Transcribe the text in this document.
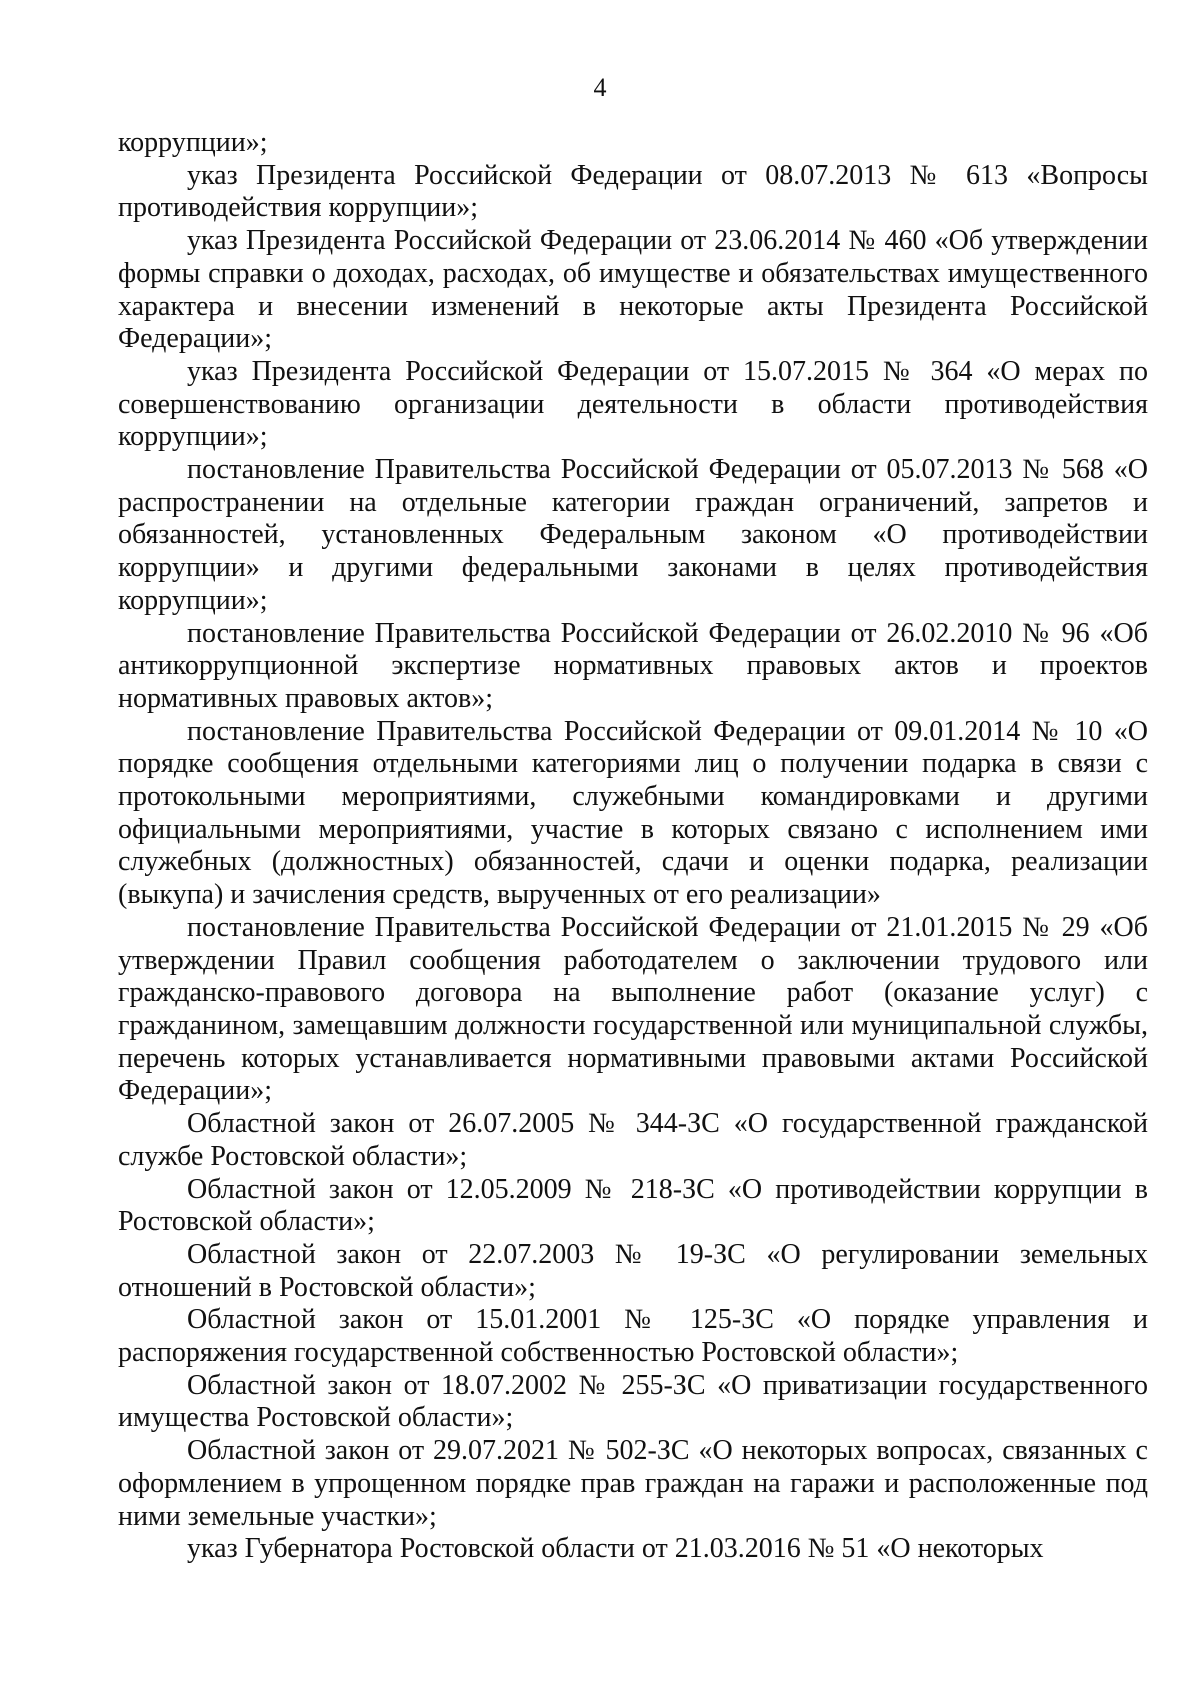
4

коррупции»;

указ Президента Российской Федерации от 08.07.2013 № 613 «Вопросы противодействия коррупции»;

указ Президента Российской Федерации от 23.06.2014 № 460 «Об утверждении формы справки о доходах, расходах, об имуществе и обязательствах имущественного характера и внесении изменений в некоторые акты Президента Российской Федерации»;

указ Президента Российской Федерации от 15.07.2015 № 364 «О мерах по совершенствованию организации деятельности в области противодействия коррупции»;

постановление Правительства Российской Федерации от 05.07.2013 № 568 «О распространении на отдельные категории граждан ограничений, запретов и обязанностей, установленных Федеральным законом «О противодействии коррупции» и другими федеральными законами в целях противодействия коррупции»;

постановление Правительства Российской Федерации от 26.02.2010 № 96 «Об антикоррупционной экспертизе нормативных правовых актов и проектов нормативных правовых актов»;

постановление Правительства Российской Федерации от 09.01.2014 № 10 «О порядке сообщения отдельными категориями лиц о получении подарка в связи с протокольными мероприятиями, служебными командировками и другими официальными мероприятиями, участие в которых связано с исполнением ими служебных (должностных) обязанностей, сдачи и оценки подарка, реализации (выкупа) и зачисления средств, вырученных от его реализации»

постановление Правительства Российской Федерации от 21.01.2015 № 29 «Об утверждении Правил сообщения работодателем о заключении трудового или гражданско-правового договора на выполнение работ (оказание услуг) с гражданином, замещавшим должности государственной или муниципальной службы, перечень которых устанавливается нормативными правовыми актами Российской Федерации»;

Областной закон от 26.07.2005 № 344-ЗС «О государственной гражданской службе Ростовской области»;

Областной закон от 12.05.2009 № 218-ЗС «О противодействии коррупции в Ростовской области»;

Областной закон от 22.07.2003 № 19-ЗС «О регулировании земельных отношений в Ростовской области»;

Областной закон от 15.01.2001 № 125-ЗС «О порядке управления и распоряжения государственной собственностью Ростовской области»;

Областной закон от 18.07.2002 № 255-ЗС «О приватизации государственного имущества Ростовской области»;

Областной закон от 29.07.2021 № 502-ЗС «О некоторых вопросах, связанных с оформлением в упрощенном порядке прав граждан на гаражи и расположенные под ними земельные участки»;

указ Губернатора Ростовской области от 21.03.2016 № 51 «О некоторых
